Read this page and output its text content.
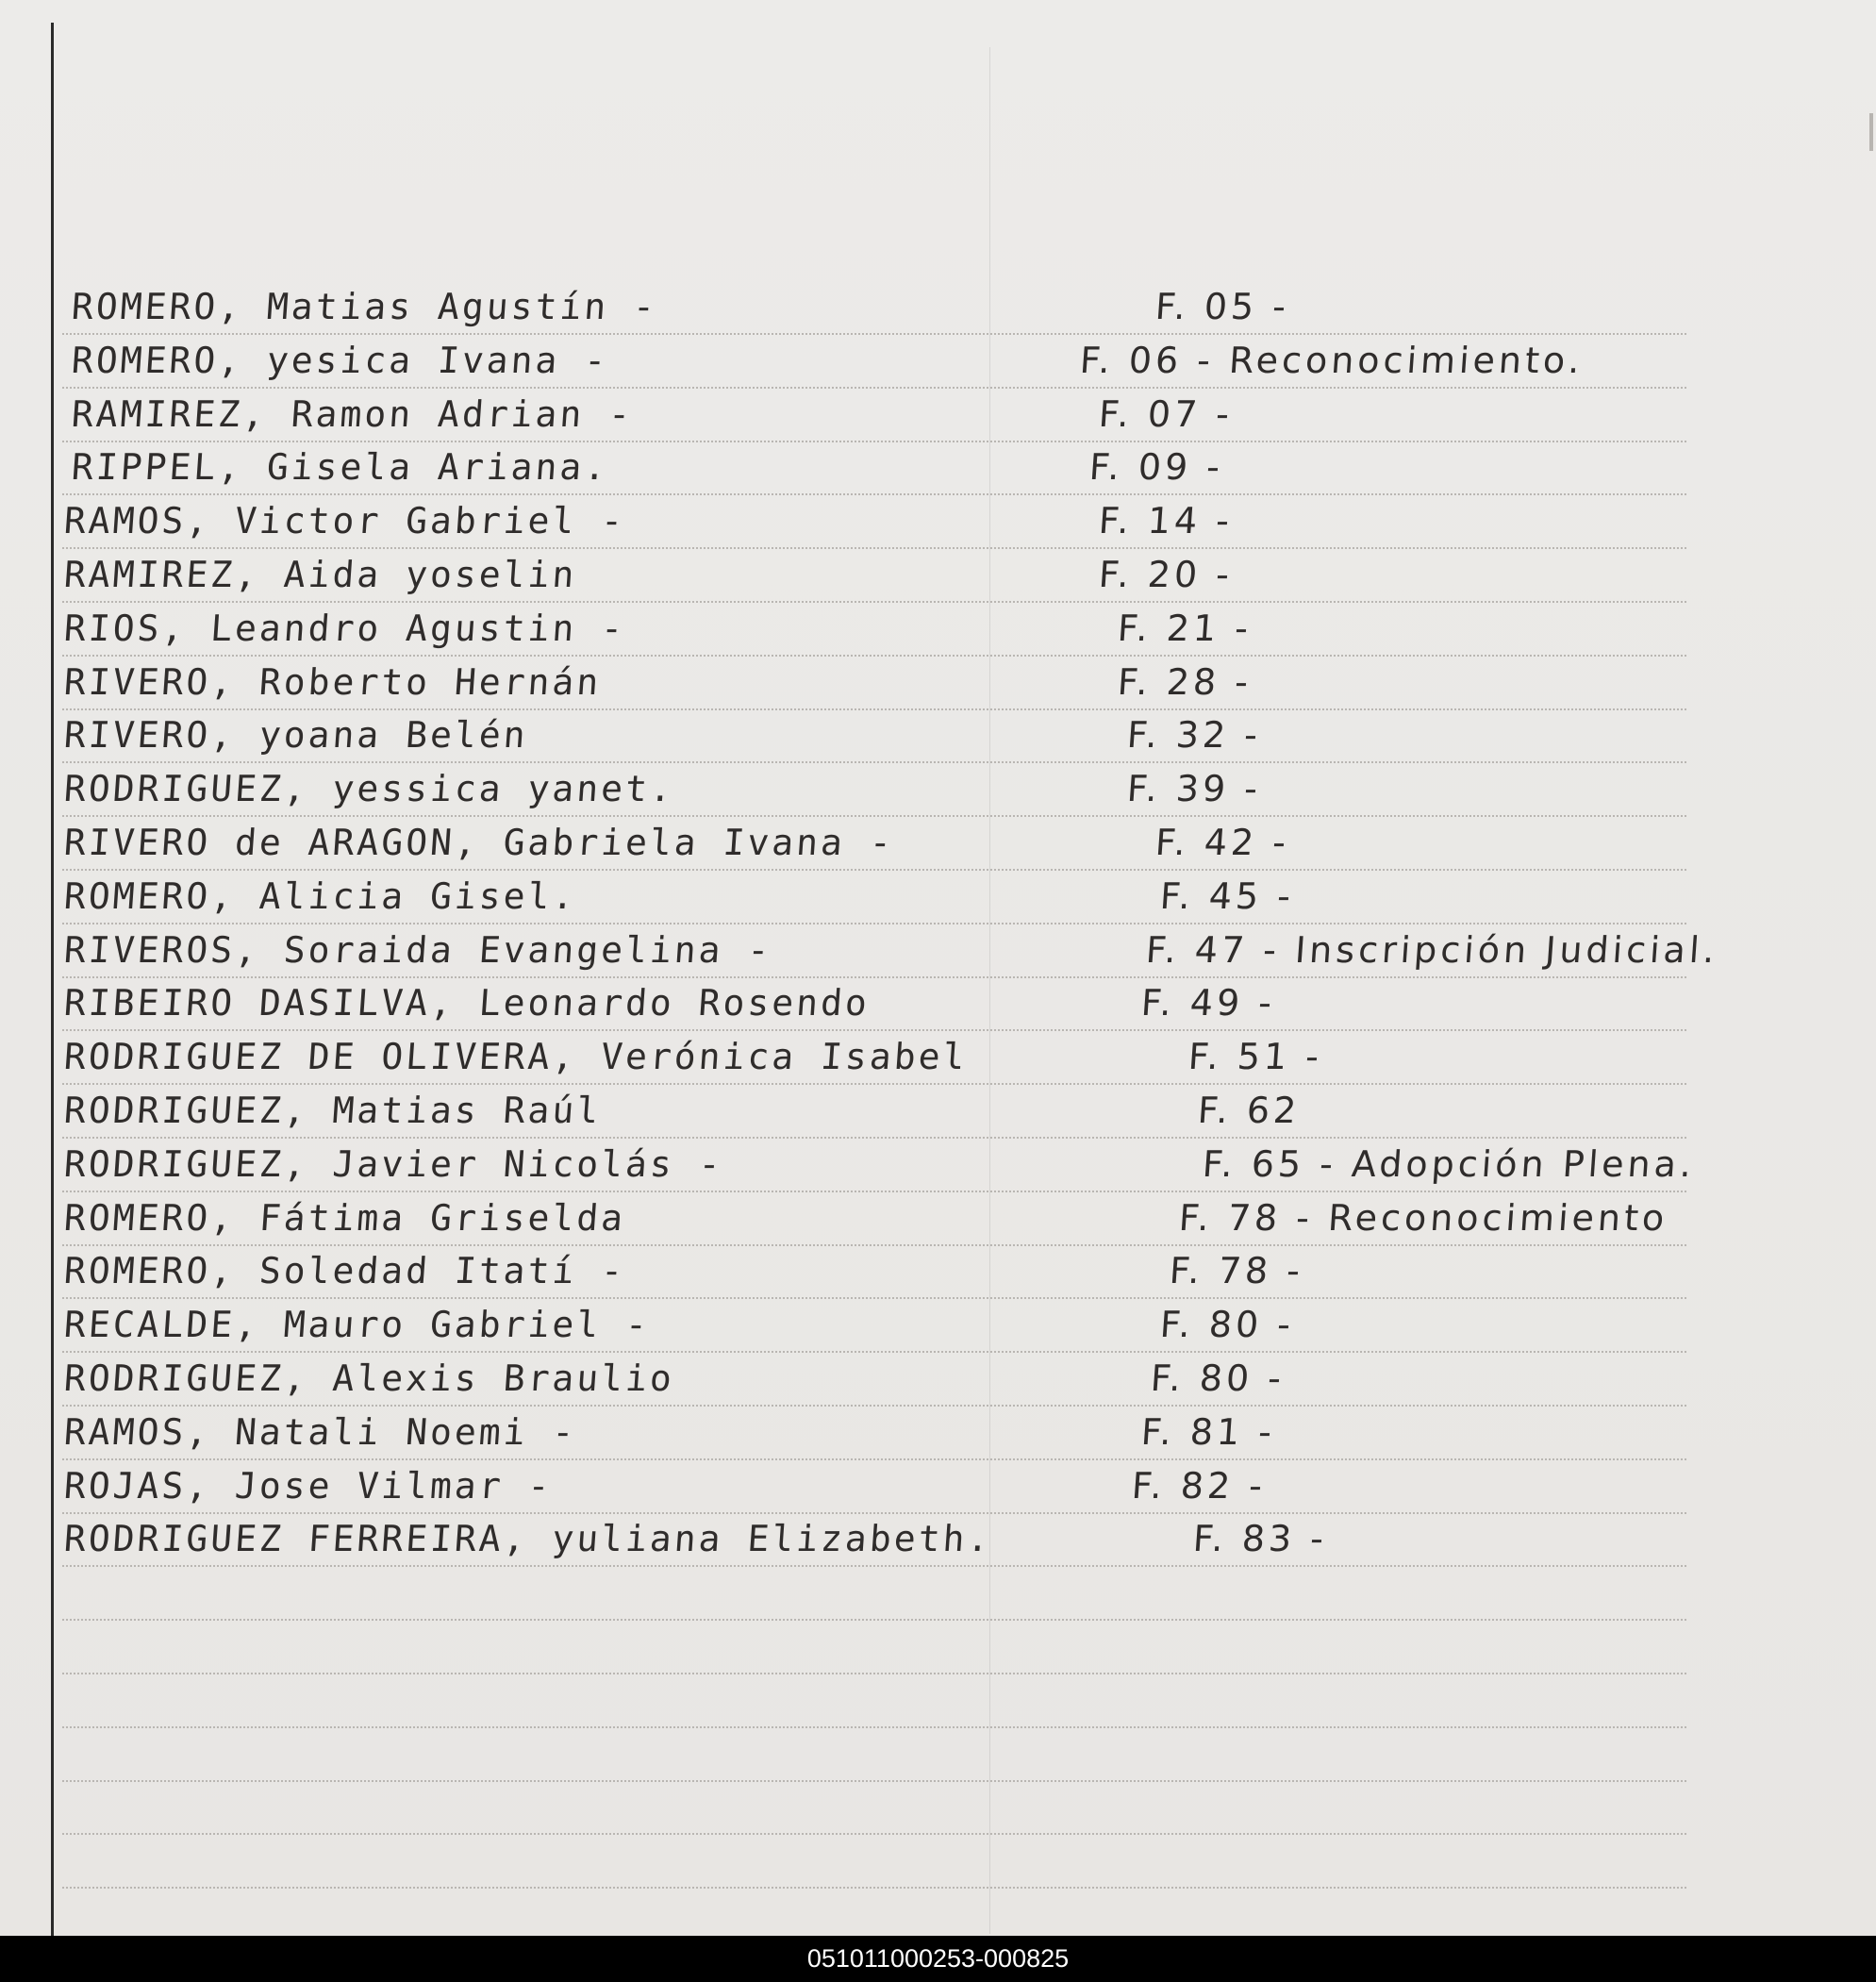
ROMERO, Matias Agustín -	F. 05 -
ROMERO, yesica Ivana -	F. 06 - Reconocimiento.
RAMIREZ, Ramon Adrian -	F. 07 -
RIPPEL, Gisela Ariana.	F. 09 -
RAMOS, Victor Gabriel -	F. 14 -
RAMIREZ, Aida yoselin	F. 20 -
RIOS, Leandro Agustin -	F. 21 -
RIVERO, Roberto Hernán	F. 28 -
RIVERO, yoana Belén	F. 32 -
RODRIGUEZ, yessica yanet.	F. 39 -
RIVERO de ARAGON, Gabriela Ivana -	F. 42 -
ROMERO, Alicia Gisel.	F. 45 -
RIVEROS, Soraida Evangelina -	F. 47 - Inscripción Judicial.
RIBEIRO DASILVA, Leonardo Rosendo	F. 49 -
RODRIGUEZ DE OLIVERA, Verónica Isabel	F. 51 -
RODRIGUEZ, Matias Raúl	F. 62
RODRIGUEZ, Javier Nicolás -	F. 65 - Adopción Plena.
ROMERO, Fátima Griselda	F. 78 - Reconocimiento
ROMERO, Soledad Itatí -	F. 78 -
RECALDE, Mauro Gabriel -	F. 80 -
RODRIGUEZ, Alexis Braulio	F. 80 -
RAMOS, Natali Noemi -	F. 81 -
ROJAS, Jose Vilmar -	F. 82 -
RODRIGUEZ FERREIRA, yuliana Elizabeth.	F. 83 -
051011000253-000825
